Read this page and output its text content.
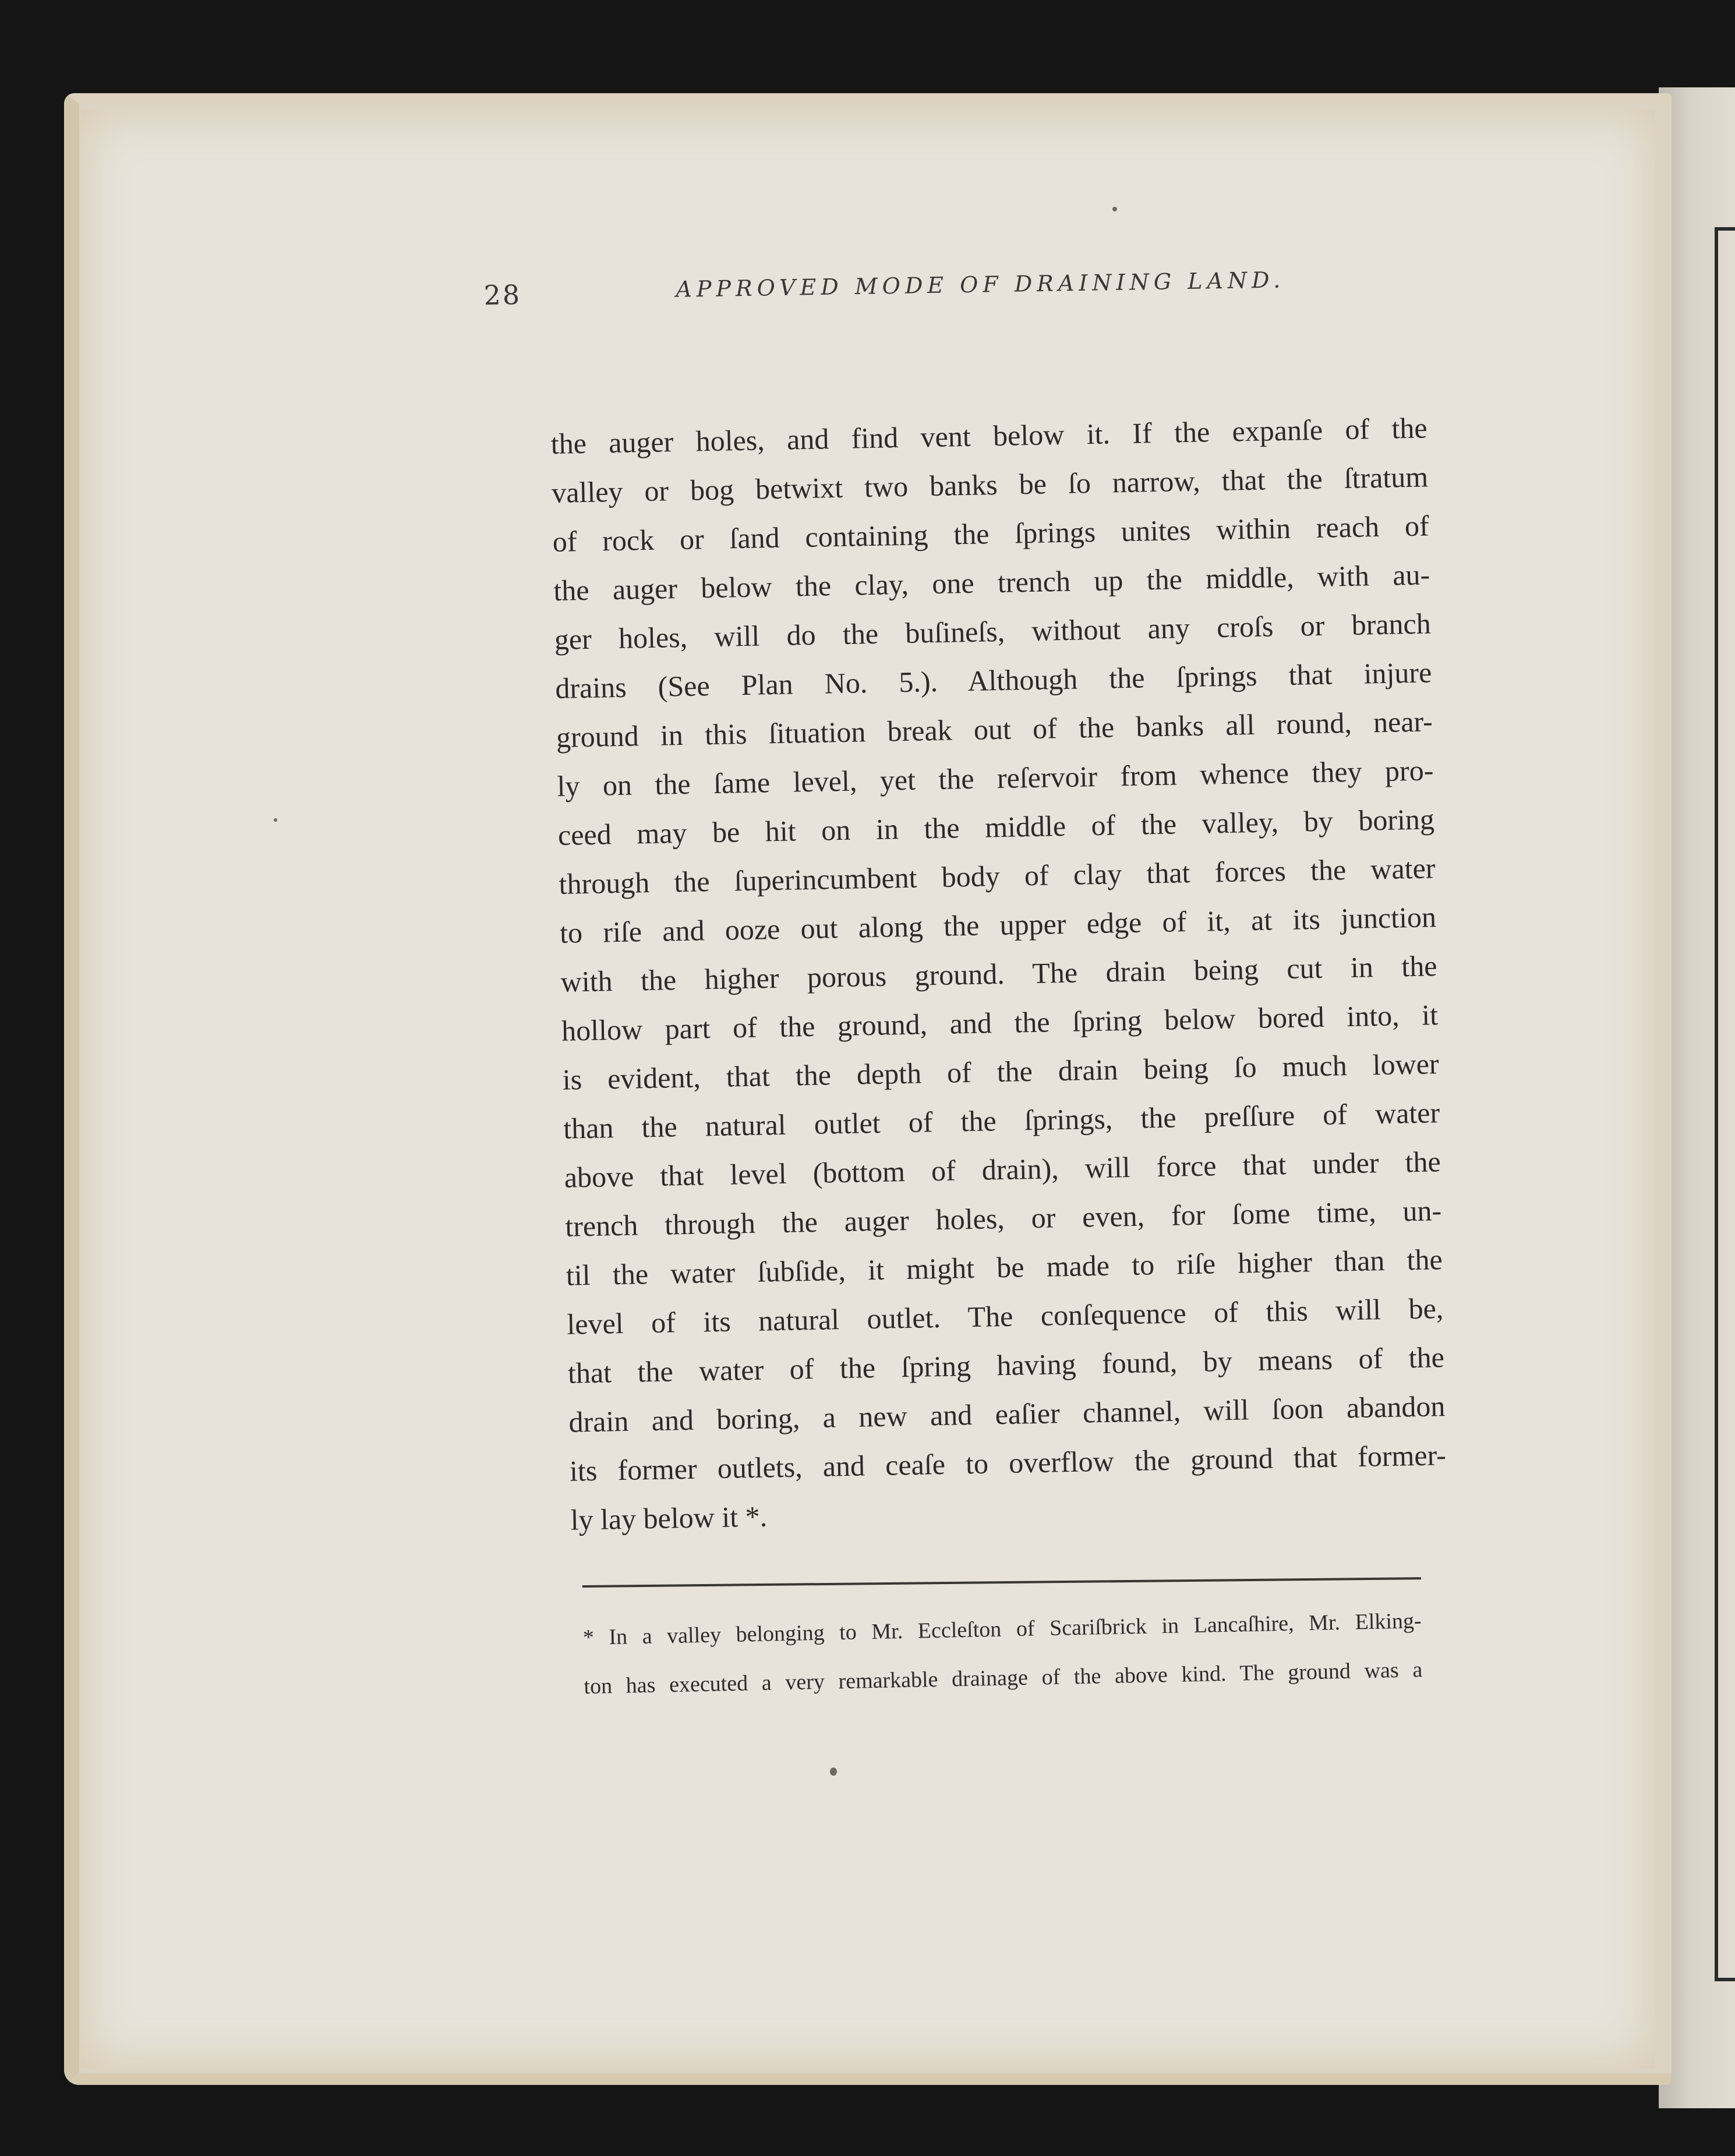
28	APPROVED MODE OF DRAINING LAND.
the auger holes, and find vent below it. If the expanſe of the
valley or bog betwixt two banks be ſo narrow, that the ſtratum
of rock or ſand containing the ſprings unites within reach of
the auger below the clay, one trench up the middle, with au-
ger holes, will do the buſineſs, without any croſs or branch
drains (See Plan No. 5.). Although the ſprings that injure
ground in this ſituation break out of the banks all round, near-
ly on the ſame level, yet the reſervoir from whence they pro-
ceed may be hit on in the middle of the valley, by boring
through the ſuperincumbent body of clay that forces the water
to riſe and ooze out along the upper edge of it, at its junction
with the higher porous ground. The drain being cut in the
hollow part of the ground, and the ſpring below bored into, it
is evident, that the depth of the drain being ſo much lower
than the natural outlet of the ſprings, the preſſure of water
above that level (bottom of drain), will force that under the
trench through the auger holes, or even, for ſome time, un-
til the water ſubſide, it might be made to riſe higher than the
level of its natural outlet. The conſequence of this will be,
that the water of the ſpring having found, by means of the
drain and boring, a new and eaſier channel, will ſoon abandon
its former outlets, and ceaſe to overflow the ground that former-
ly lay below it *.
* In a valley belonging to Mr. Eccleſton of Scariſbrick in Lancaſhire, Mr. Elking-
ton has executed a very remarkable drainage of the above kind. The ground was a
